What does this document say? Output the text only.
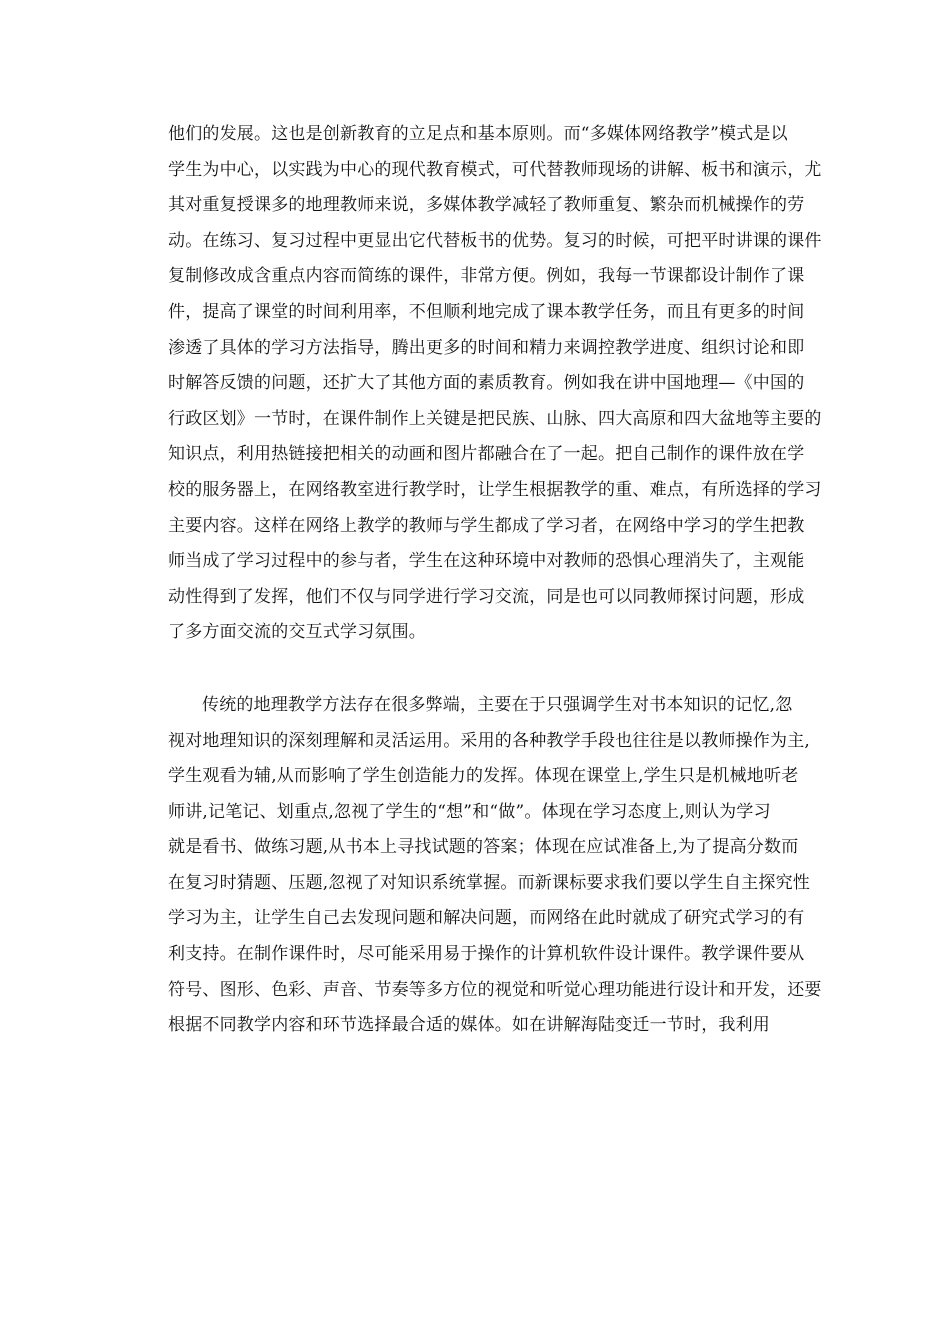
他们的发展。这也是创新教育的立足点和基本原则。而“多媒体网络教学”模式是以
学生为中心，以实践为中心的现代教育模式，可代替教师现场的讲解、板书和演示，尤
其对重复授课多的地理教师来说，多媒体教学减轻了教师重复、繁杂而机械操作的劳
动。在练习、复习过程中更显出它代替板书的优势。复习的时候，可把平时讲课的课件
复制修改成含重点内容而简练的课件，非常方便。例如，我每一节课都设计制作了课
件，提高了课堂的时间利用率，不但顺利地完成了课本教学任务，而且有更多的时间
渗透了具体的学习方法指导，腾出更多的时间和精力来调控教学进度、组织讨论和即
时解答反馈的问题，还扩大了其他方面的素质教育。例如我在讲中国地理—《中国的
行政区划》一节时，在课件制作上关键是把民族、山脉、四大高原和四大盆地等主要的
知识点，利用热链接把相关的动画和图片都融合在了一起。把自己制作的课件放在学
校的服务器上，在网络教室进行教学时，让学生根据教学的重、难点，有所选择的学习
主要内容。这样在网络上教学的教师与学生都成了学习者，在网络中学习的学生把教
师当成了学习过程中的参与者，学生在这种环境中对教师的恐惧心理消失了，主观能
动性得到了发挥，他们不仅与同学进行学习交流，同是也可以同教师探讨问题，形成
了多方面交流的交互式学习氛围。
传统的地理教学方法存在很多弊端，主要在于只强调学生对书本知识的记忆,忽
视对地理知识的深刻理解和灵活运用。采用的各种教学手段也往往是以教师操作为主,
学生观看为辅,从而影响了学生创造能力的发挥。体现在课堂上,学生只是机械地听老
师讲,记笔记、划重点,忽视了学生的“想”和“做”。体现在学习态度上,则认为学习
就是看书、做练习题,从书本上寻找试题的答案；体现在应试准备上,为了提高分数而
在复习时猜题、压题,忽视了对知识系统掌握。而新课标要求我们要以学生自主探究性
学习为主，让学生自己去发现问题和解决问题，而网络在此时就成了研究式学习的有
利支持。在制作课件时，尽可能采用易于操作的计算机软件设计课件。教学课件要从
符号、图形、色彩、声音、节奏等多方位的视觉和听觉心理功能进行设计和开发，还要
根据不同教学内容和环节选择最合适的媒体。如在讲解海陆变迁一节时，我利用
